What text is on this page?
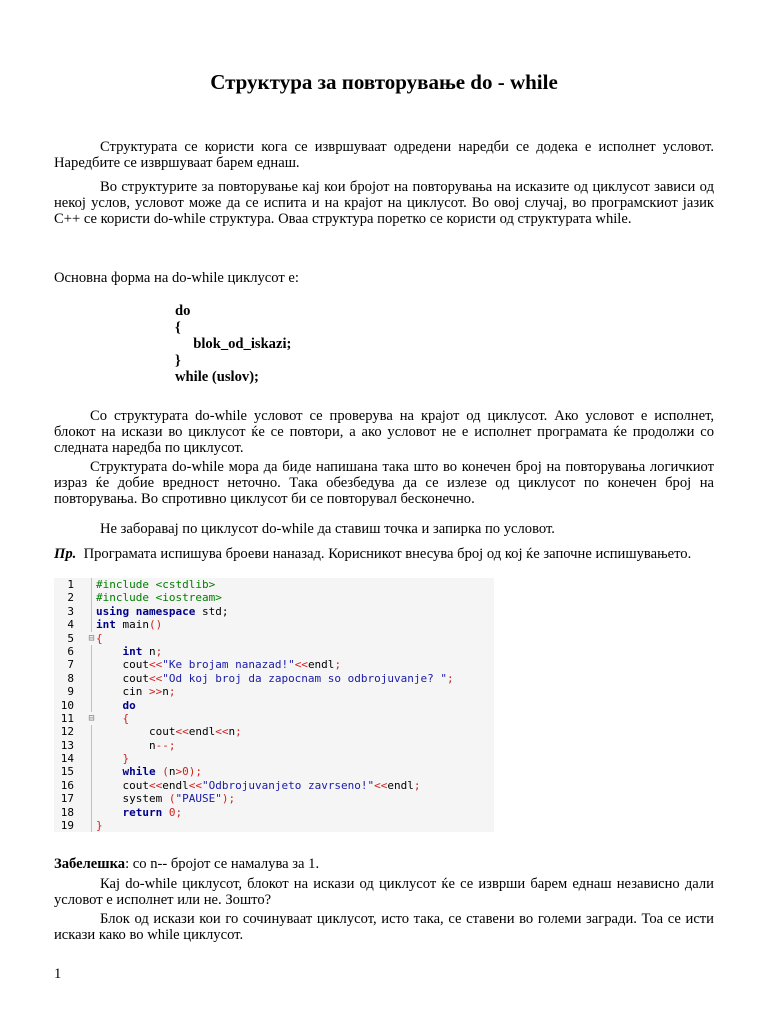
Структура за повторување do - while

Структурата се користи кога се извршуваат одредени наредби се додека е исполнет условот. Наредбите се извршуваат барем еднаш.

Во структурите за повторување кај кои бројот на повторувања на исказите од циклусот зависи од некој услов, условот може да се испита и на крајот на циклусот. Во овој случај, во програмскиот јазик C++ се користи do-while структура. Оваа структура поретко се користи од структурата while.

Основна форма на do-while циклусот е:

do
{
blok_od_iskazi;
}
while (uslov);

Со структурата do-while условот се проверува на крајот од циклусот. Ако условот е исполнет, блокот на искази во циклусот ќе се повтори, а ако условот не е исполнет програмата ќе продолжи со следната наредба по циклусот.

Структурата do-while мора да биде напишана така што во конечен број на повторувања логичкиот израз ќе добие вредност неточно. Така обезбедува да се излезе од циклусот по конечен број на повторувања. Во спротивно циклусот би се повторувал бесконечно.

Не заборавај по циклусот do-while да ставиш точка и запирка по условот.

Пр. Програмата испишува броеви наназад. Корисникот внесува број од кој ќе започне испишувањето.

1 #include <cstdlib>
2 #include <iostream>
3 using namespace std;
4 int main()
5 ⊟ {
6 int n;
7 cout<<"Ke brojam nanazad!"<<endl;
8 cout<<"Od koj broj da zapocnam so odbrojuvanje? ";
9 cin >>n;
10 do
11 ⊟ {
12 cout<<endl<<n;
13 n--;
14 }
15 while (n>0);
16 cout<<endl<<"Odbrojuvanjeto zavrseno!"<<endl;
17 system ("PAUSE");
18 return 0;
19 }

Забелешка: со n-- бројот се намалува за 1.

Кај do-while циклусот, блокот на искази од циклусот ќе се изврши барем еднаш независно дали условот е исполнет или не. Зошто?

Блок од искази кои го сочинуваат циклусот, исто така, се ставени во големи загради. Тоа се исти искази како во while циклусот.

1
